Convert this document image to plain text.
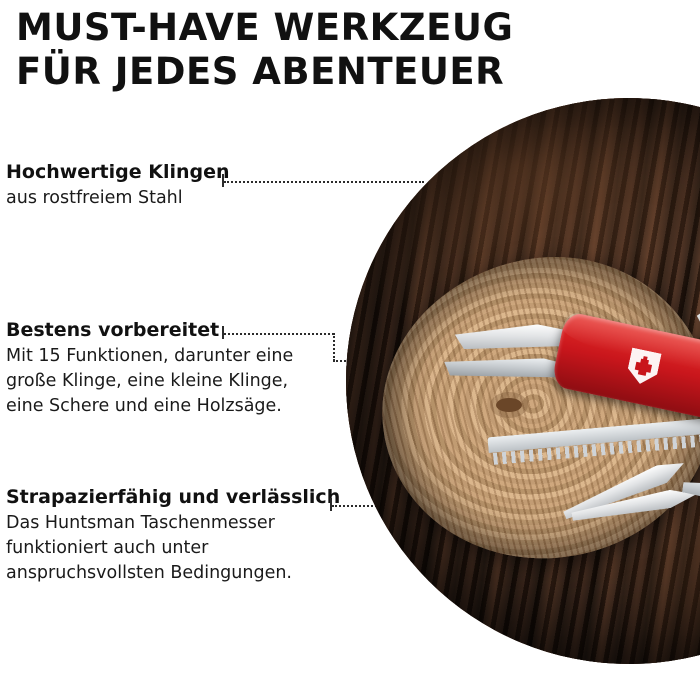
MUST-HAVE WERKZEUG
FÜR JEDES ABENTEUER
Hochwertige Klingen
aus rostfreiem Stahl
Bestens vorbereitet
Mit 15 Funktionen, darunter eine
große Klinge, eine kleine Klinge,
eine Schere und eine Holzsäge.
Strapazierfähig und verlässlich
Das Huntsman Taschenmesser
funktioniert auch unter
anspruchsvollsten Bedingungen.
